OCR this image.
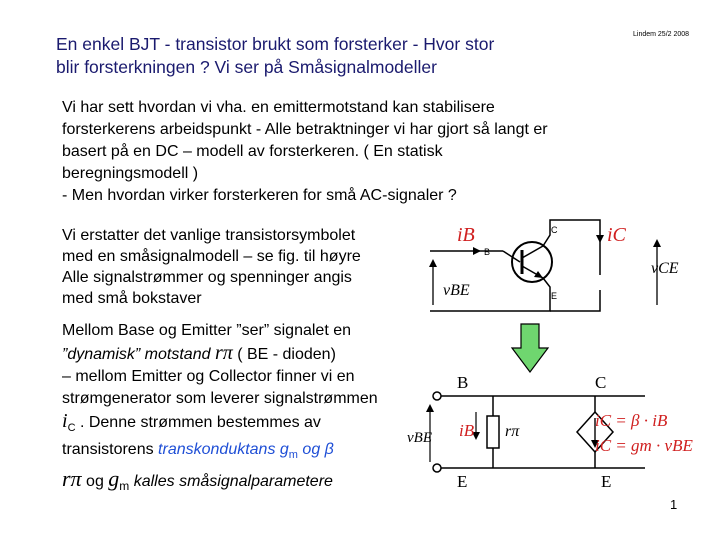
Lindem 25/2 2008
En enkel BJT - transistor brukt som forsterker - Hvor stor
blir forsterkningen ? Vi ser på Småsignalmodeller
Vi har sett hvordan vi vha. en emittermotstand kan stabilisere
forsterkerens arbeidspunkt - Alle betraktninger vi har gjort så langt er
basert på en DC – modell av forsterkeren. ( En statisk
beregningsmodell )
- Men hvordan virker forsterkeren for små AC-signaler ?
Vi erstatter det vanlige transistorsymbolet
med en småsignalmodell – se fig. til høyre
Alle signalstrømmer og spenninger angis
med små bokstaver
Mellom Base og Emitter ”ser” signalet en
”dynamisk” motstand rπ ( BE - dioden)
– mellom Emitter og Collector finner vi en
strømgenerator som leverer signalstrømmen
$i_C$ . Denne strømmen bestemmes av
transistorens transkonduktans $g_m$ og β
rπ og $g_m$ kalles småsignalparametere
iB	iC
vBE
vCE
B
C
E
B	C
E	E
iB rπ
vBE
iC = β · iB
iC = gm · vBE
1
